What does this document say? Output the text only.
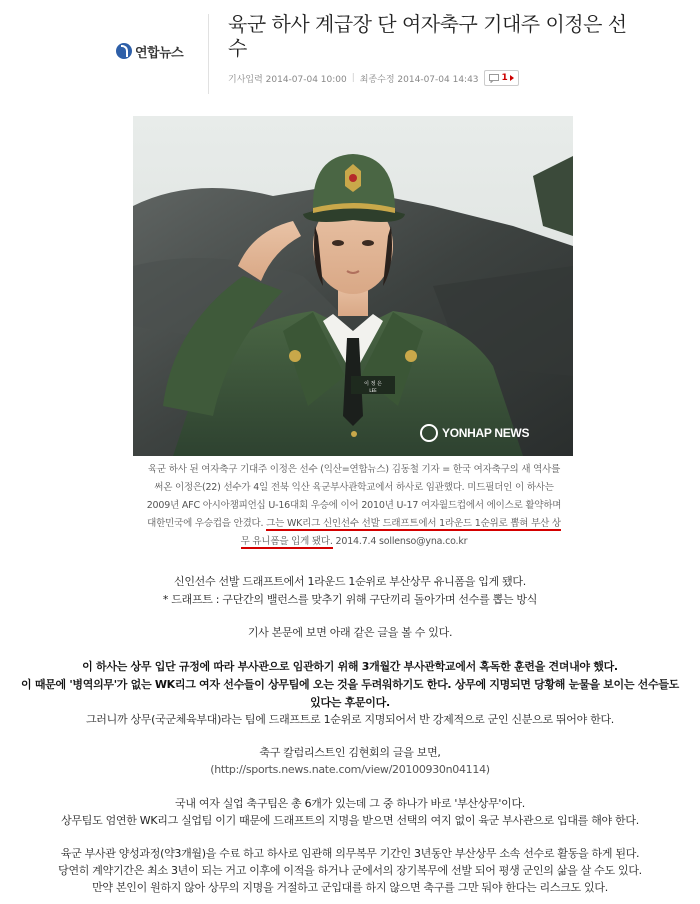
연합뉴스
육군 하사 계급장 단 여자축구 기대주 이정은 선수
기사입력 2014-07-04 10:00 | 최종수정 2014-07-04 14:43	1
이 정 은
LEE
YONHAP NEWS
육군 하사 된 여자축구 기대주 이정은 선수 (익산=연합뉴스) 김동철 기자 = 한국 여자축구의 새 역사를
써온 이정은(22) 선수가 4일 전북 익산 육군부사관학교에서 하사로 임관했다. 미드필더인 이 하사는
2009년 AFC 아시아챔피언십 U-16대회 우승에 이어 2010년 U-17 여자월드컵에서 에이스로 활약하며
대한민국에 우승컵을 안겼다. 그는 WK리그 신인선수 선발 드래프트에서 1라운드 1순위로 뽑혀 부산 상
무 유니폼을 입게 됐다. 2014.7.4 sollenso@yna.co.kr
신인선수 선발 드래프트에서 1라운드 1순위로 부산상무 유니폼을 입게 됐다.
* 드래프트 : 구단간의 밸런스를 맞추기 위해 구단끼리 돌아가며 선수를 뽑는 방식
기사 본문에 보면 아래 같은 글을 볼 수 있다.
이 하사는 상무 입단 규정에 따라 부사관으로 임관하기 위해 3개월간 부사관학교에서 혹독한 훈련을 견뎌내야 했다.
이 때문에 '병역의무'가 없는 WK리그 여자 선수들이 상무팀에 오는 것을 두려워하기도 한다. 상무에 지명되면 당황해 눈물을 보이는 선수들도 있다는 후문이다.
그러니까 상무(국군체육부대)라는 팀에 드래프트로 1순위로 지명되어서 반 강제적으로 군인 신분으로 뛰어야 한다.
축구 칼럼리스트인 김현회의 글을 보면,
(http://sports.news.nate.com/view/20100930n04114)
국내 여자 실업 축구팀은 총 6개가 있는데 그 중 하나가 바로 '부산상무'이다.
상무팀도 엄연한 WK리그 실업팀 이기 때문에 드래프트의 지명을 받으면 선택의 여지 없이 육군 부사관으로 입대를 해야 한다.
육군 부사관 양성과정(약3개월)을 수료 하고 하사로 임관해 의무복무 기간인 3년동안 부산상무 소속 선수로 활동을 하게 된다.
당연히 계약기간은 최소 3년이 되는 거고 이후에 이적을 하거나 군에서의 장기복무에 선발 되어 평생 군인의 삶을 살 수도 있다.
만약 본인이 원하지 않아 상무의 지명을 거절하고 군입대를 하지 않으면 축구를 그만 둬야 한다는 리스크도 있다.
